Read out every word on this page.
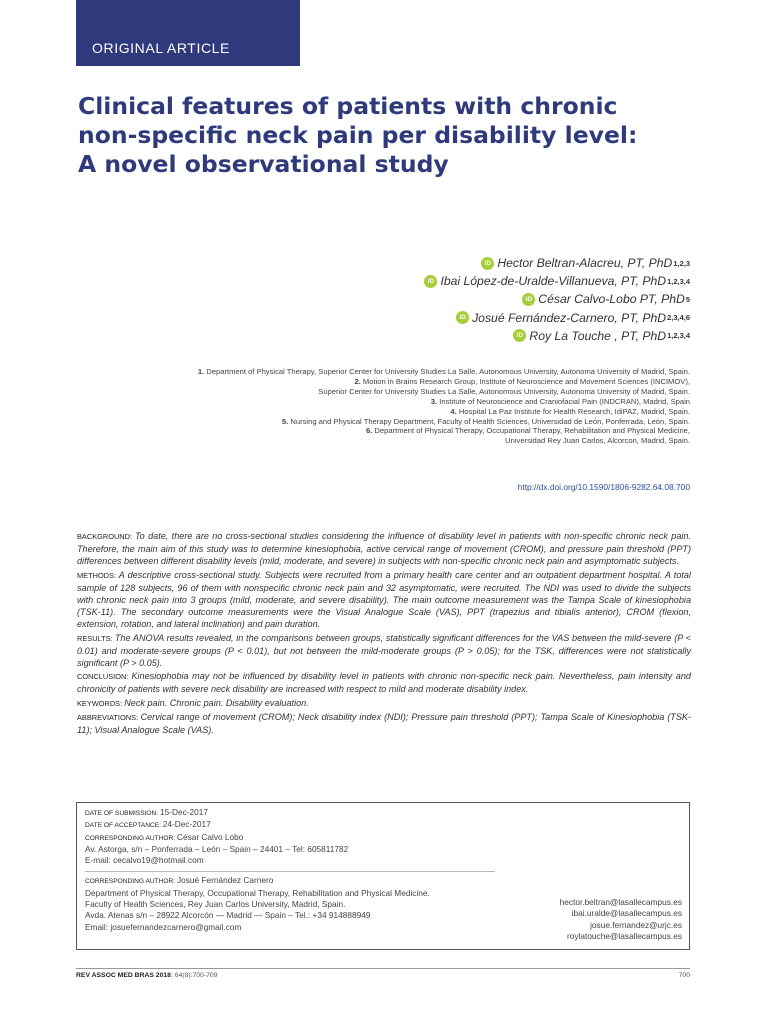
ORIGINAL ARTICLE
Clinical features of patients with chronic
non-specific neck pain per disability level:
A novel observational study
iD Hector Beltran-Alacreu, PT, PhD 1,2,3
iD Ibai López-de-Uralde-Villanueva, PT, PhD 1,2,3,4
iD César Calvo-Lobo PT, PhD 5
iD Josué Fernández-Carnero, PT, PhD 2,3,4,6
iD Roy La Touche , PT, PhD 1,2,3,4
1. Department of Physical Therapy, Superior Center for University Studies La Salle, Autonomous University, Autonoma University of Madrid, Spain.
2. Motion in Brains Research Group, Institute of Neuroscience and Movement Sciences (INCIMOV),
Superior Center for University Studies La Salle, Autonomous University, Autonoma University of Madrid, Spain.
3. Institute of Neuroscience and Craniofacial Pain (INDCRAN), Madrid, Spain
4. Hospital La Paz Institute for Health Research, IdiPAZ, Madrid, Spain.
5. Nursing and Physical Therapy Department, Faculty of Health Sciences, Universidad de León, Ponferrada, León, Spain.
6. Department of Physical Therapy, Occupational Therapy, Rehabilitation and Physical Medicine,
Universidad Rey Juan Carlos, Alcorcon, Madrid, Spain.
http://dx.doi.org/10.1590/1806-9282.64.08.700

BACKGROUND: To date, there are no cross-sectional studies considering the influence of disability level in patients with non-specific chronic neck pain. Therefore, the main aim of this study was to determine kinesiophobia, active cervical range of movement (CROM), and pressure pain threshold (PPT) differences between different disability levels (mild, moderate, and severe) in subjects with non-specific chronic neck pain and asymptomatic subjects.

METHODS: A descriptive cross-sectional study. Subjects were recruited from a primary health care center and an outpatient department hospital. A total sample of 128 subjects, 96 of them with nonspecific chronic neck pain and 32 asymptomatic, were recruited. The NDI was used to divide the subjects with chronic neck pain into 3 groups (mild, moderate, and severe disability). The main outcome measurement was the Tampa Scale of kinesiophobia (TSK-11). The secondary outcome measurements were the Visual Analogue Scale (VAS), PPT (trapezius and tibialis anterior), CROM (flexion, extension, rotation, and lateral inclination) and pain duration.

RESULTS: The ANOVA results revealed, in the comparisons between groups, statistically significant differences for the VAS between the mild-severe (P < 0.01) and moderate-severe groups (P < 0.01), but not between the mild-moderate groups (P > 0.05); for the TSK, differences were not statistically significant (P > 0.05).

CONCLUSION: Kinesiophobia may not be influenced by disability level in patients with chronic non-specific neck pain. Nevertheless, pain intensity and chronicity of patients with severe neck disability are increased with respect to mild and moderate disability index.

KEYWORDS: Neck pain. Chronic pain. Disability evaluation.

ABBREVIATIONS: Cervical range of movement (CROM); Neck disability index (NDI); Pressure pain threshold (PPT); Tampa Scale of Kinesiophobia (TSK-11); Visual Analogue Scale (VAS).

DATE OF SUBMISSION: 15-Dec-2017
DATE OF ACCEPTANCE: 24-Dec-2017
CORRESPONDING AUTHOR: César Calvo Lobo
Av. Astorga, s/n – Ponferrada – León – Spain – 24401 – Tel: 605811782
E-mail: cecalvo19@hotmail.com
CORRESPONDING AUTHOR: Josué Fernández Carnero
Department of Physical Therapy, Occupational Therapy, Rehabilitation and Physical Medicine.
Faculty of Health Sciences, Rey Juan Carlos University, Madrid, Spain.
Avda. Atenas s/n – 28922 Alcorcón — Madrid — Spain – Tel.: +34 914888949
Email: josuefernandezcarnero@gmail.com
hector.beltran@lasallecampus.es
ibai.uralde@lasallecampus.es
josue.fernandez@urjc.es
roylatouche@lasallecampus.es
REV ASSOC MED BRAS 2018; 64(8):700-709	700
